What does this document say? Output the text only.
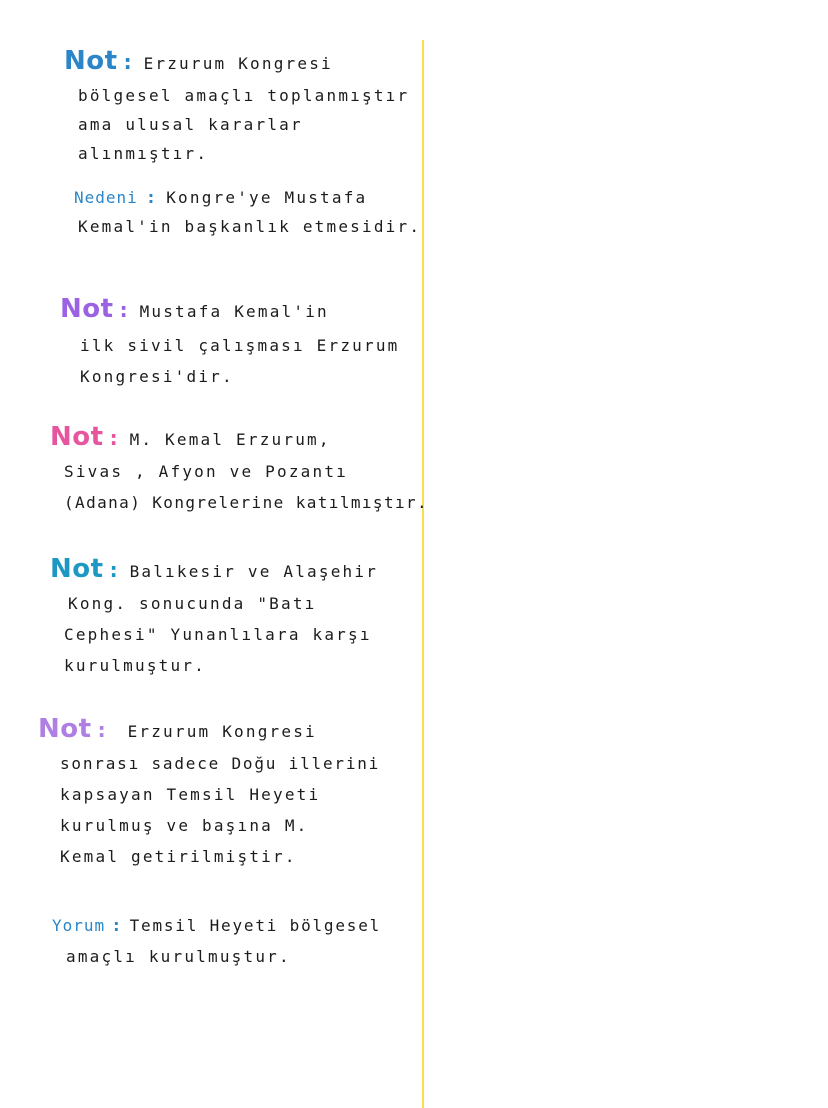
Not : Erzurum Kongresi
bölgesel amaçlı toplanmıştır
ama ulusal kararlar
alınmıştır.
Nedeni : Kongre'ye Mustafa
Kemal'in başkanlık etmesidir.
Not : Mustafa Kemal'in
ilk sivil çalışması Erzurum
Kongresi'dir.
Not : M. Kemal Erzurum,
Sivas , Afyon ve Pozantı
(Adana) Kongrelerine katılmıştır.
Not : Balıkesir ve Alaşehir
Kong. sonucunda "Batı
Cephesi" Yunanlılara karşı
kurulmuştur.
Not : Erzurum Kongresi
sonrası sadece Doğu illerini
kapsayan Temsil Heyeti
kurulmuş ve başına M.
Kemal getirilmiştir.
Yorum : Temsil Heyeti bölgesel
amaçlı kurulmuştur.
